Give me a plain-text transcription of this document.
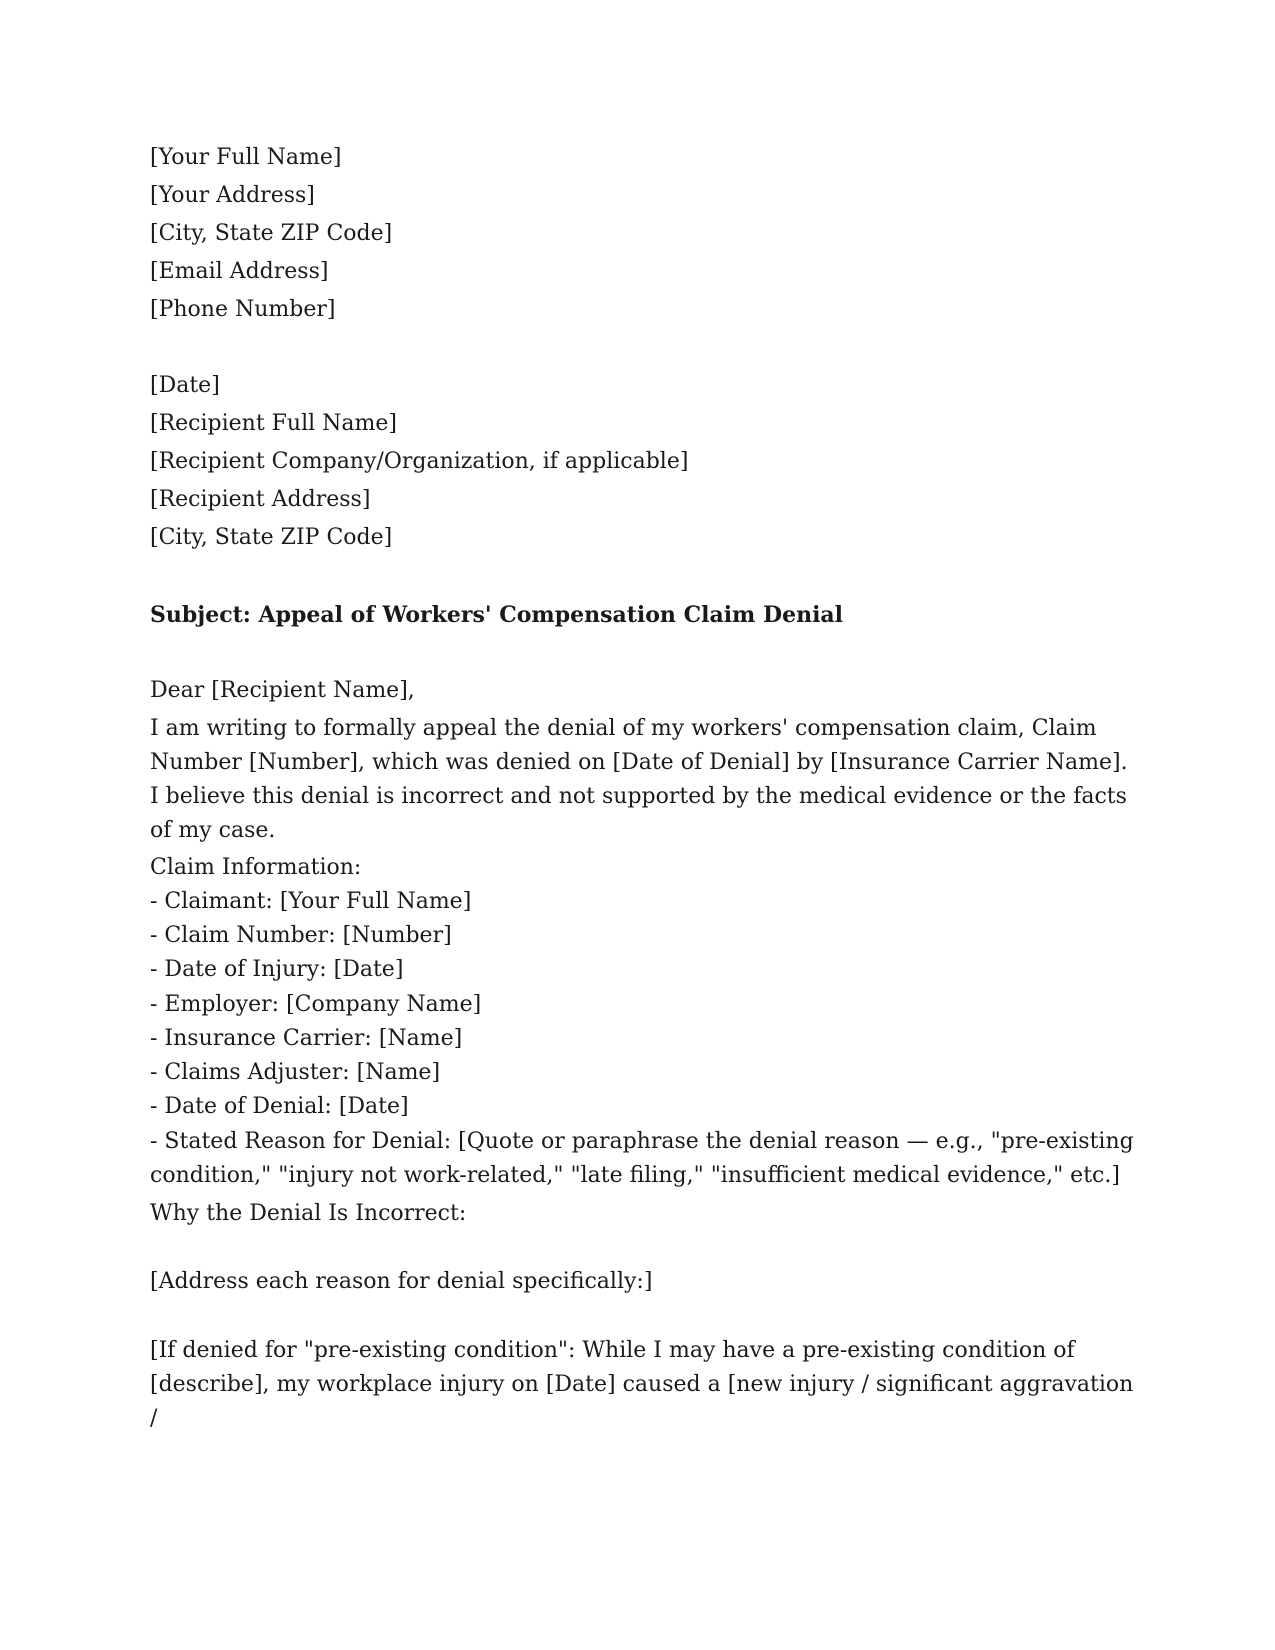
[Your Full Name]
[Your Address]
[City, State ZIP Code]
[Email Address]
[Phone Number]
[Date]
[Recipient Full Name]
[Recipient Company/Organization, if applicable]
[Recipient Address]
[City, State ZIP Code]
Subject: Appeal of Workers' Compensation Claim Denial
Dear [Recipient Name],
I am writing to formally appeal the denial of my workers' compensation claim, Claim Number [Number], which was denied on [Date of Denial] by [Insurance Carrier Name]. I believe this denial is incorrect and not supported by the medical evidence or the facts of my case.
Claim Information:
- Claimant: [Your Full Name]
- Claim Number: [Number]
- Date of Injury: [Date]
- Employer: [Company Name]
- Insurance Carrier: [Name]
- Claims Adjuster: [Name]
- Date of Denial: [Date]
- Stated Reason for Denial: [Quote or paraphrase the denial reason — e.g., "pre-existing condition," "injury not work-related," "late filing," "insufficient medical evidence," etc.]
Why the Denial Is Incorrect:
[Address each reason for denial specifically:]
[If denied for "pre-existing condition": While I may have a pre-existing condition of [describe], my workplace injury on [Date] caused a [new injury / significant aggravation /
